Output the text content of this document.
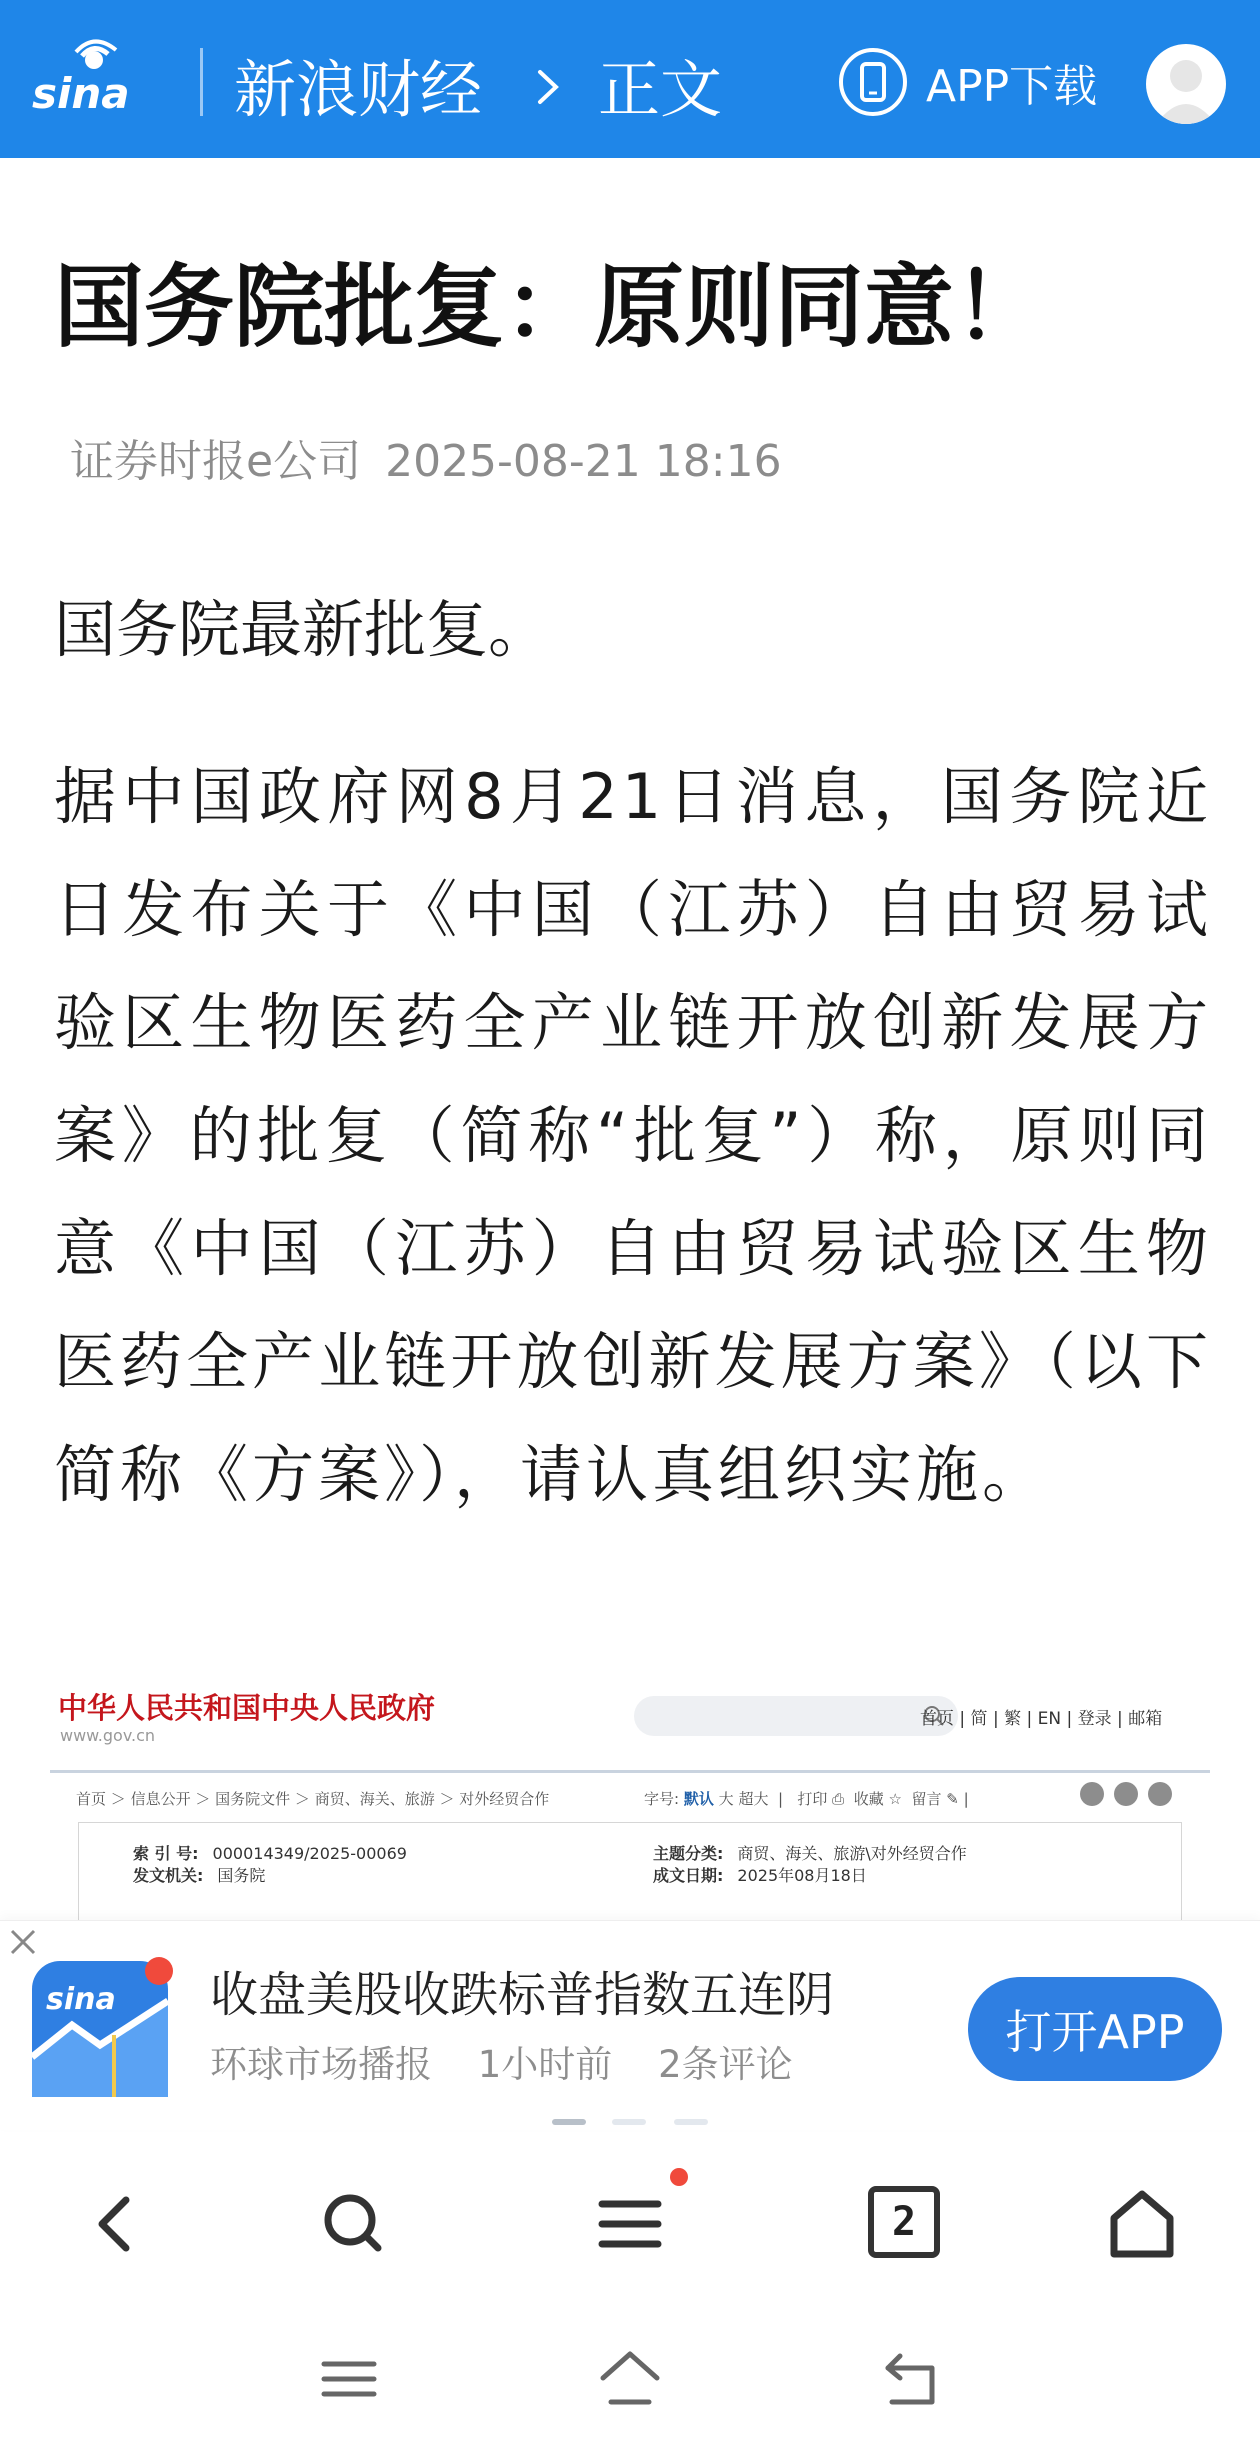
sina 新浪财经 正文	APP下载
国务院批复：原则同意！
证券时报e公司 2025-08-21 18:16
国务院最新批复。
据中国政府网8月21日消息，国务院近日发布关于《中国（江苏）自由贸易试验区生物医药全产业链开放创新发展方案》的批复（简称“批复”）称，原则同意《中国（江苏）自由贸易试验区生物医药全产业链开放创新发展方案》（以下简称《方案》），请认真组织实施。
中华人民共和国中央人民政府
www.gov.cn
首页 | 简 | 繁 | EN | 登录 | 邮箱
首页 ＞ 信息公开 ＞ 国务院文件 ＞ 商贸、海关、旅游 ＞ 对外经贸合作	字号: 默认 大 超大  |   打印 ⎙  收藏 ☆  留言 ✎ |
索 引 号: 000014349/2025-00069	主题分类: 商贸、海关、旅游\对外经贸合作
发文机关: 国务院	成文日期: 2025年08月18日
sina 收盘美股收跌标普指数五连阴
环球市场播报 1小时前 2条评论
打开APP
2
